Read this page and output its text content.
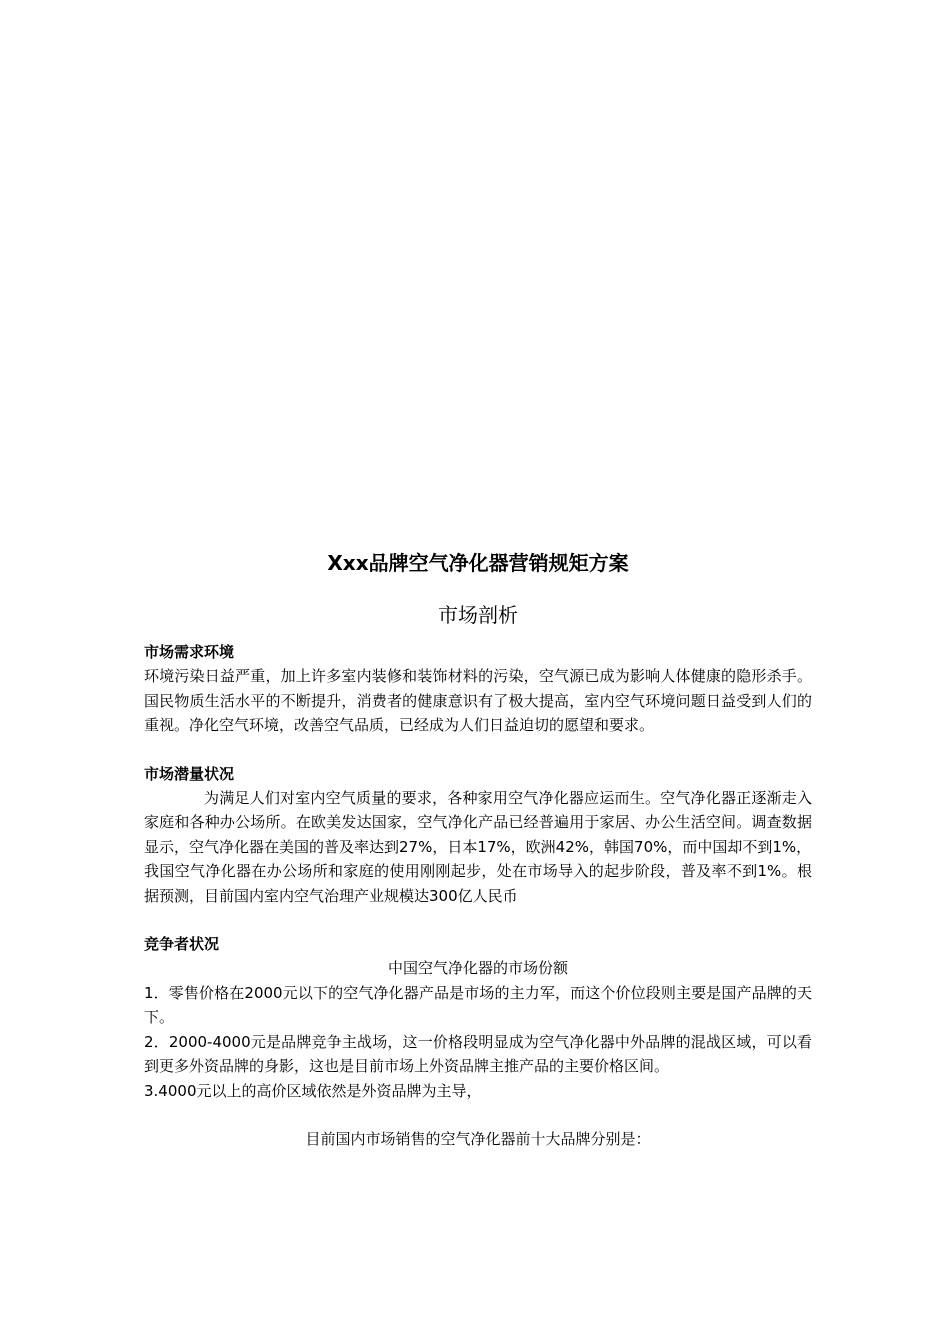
Xxx品牌空气净化器营销规矩方案
市场剖析

市场需求环境

环境污染日益严重，加上许多室内装修和装饰材料的污染，空气源已成为影响人体健康的隐形杀手。国民物质生活水平的不断提升，消费者的健康意识有了极大提高，室内空气环境问题日益受到人们的重视。净化空气环境，改善空气品质，已经成为人们日益迫切的愿望和要求。

市场潜量状况

为满足人们对室内空气质量的要求，各种家用空气净化器应运而生。空气净化器正逐渐走入家庭和各种办公场所。在欧美发达国家，空气净化产品已经普遍用于家居、办公生活空间。调查数据显示，空气净化器在美国的普及率达到27%，日本17%，欧洲42%，韩国70%，而中国却不到1%，

我国空气净化器在办公场所和家庭的使用刚刚起步，处在市场导入的起步阶段，普及率不到1%。根据预测，目前国内室内空气治理产业规模达300亿人民币

竞争者状况

中国空气净化器的市场份额

1．零售价格在2000元以下的空气净化器产品是市场的主力军，而这个价位段则主要是国产品牌的天下。

2．2000-4000元是品牌竞争主战场，这一价格段明显成为空气净化器中外品牌的混战区域，可以看到更多外资品牌的身影，这也是目前市场上外资品牌主推产品的主要价格区间。

3.4000元以上的高价区域依然是外资品牌为主导，

目前国内市场销售的空气净化器前十大品牌分别是：
